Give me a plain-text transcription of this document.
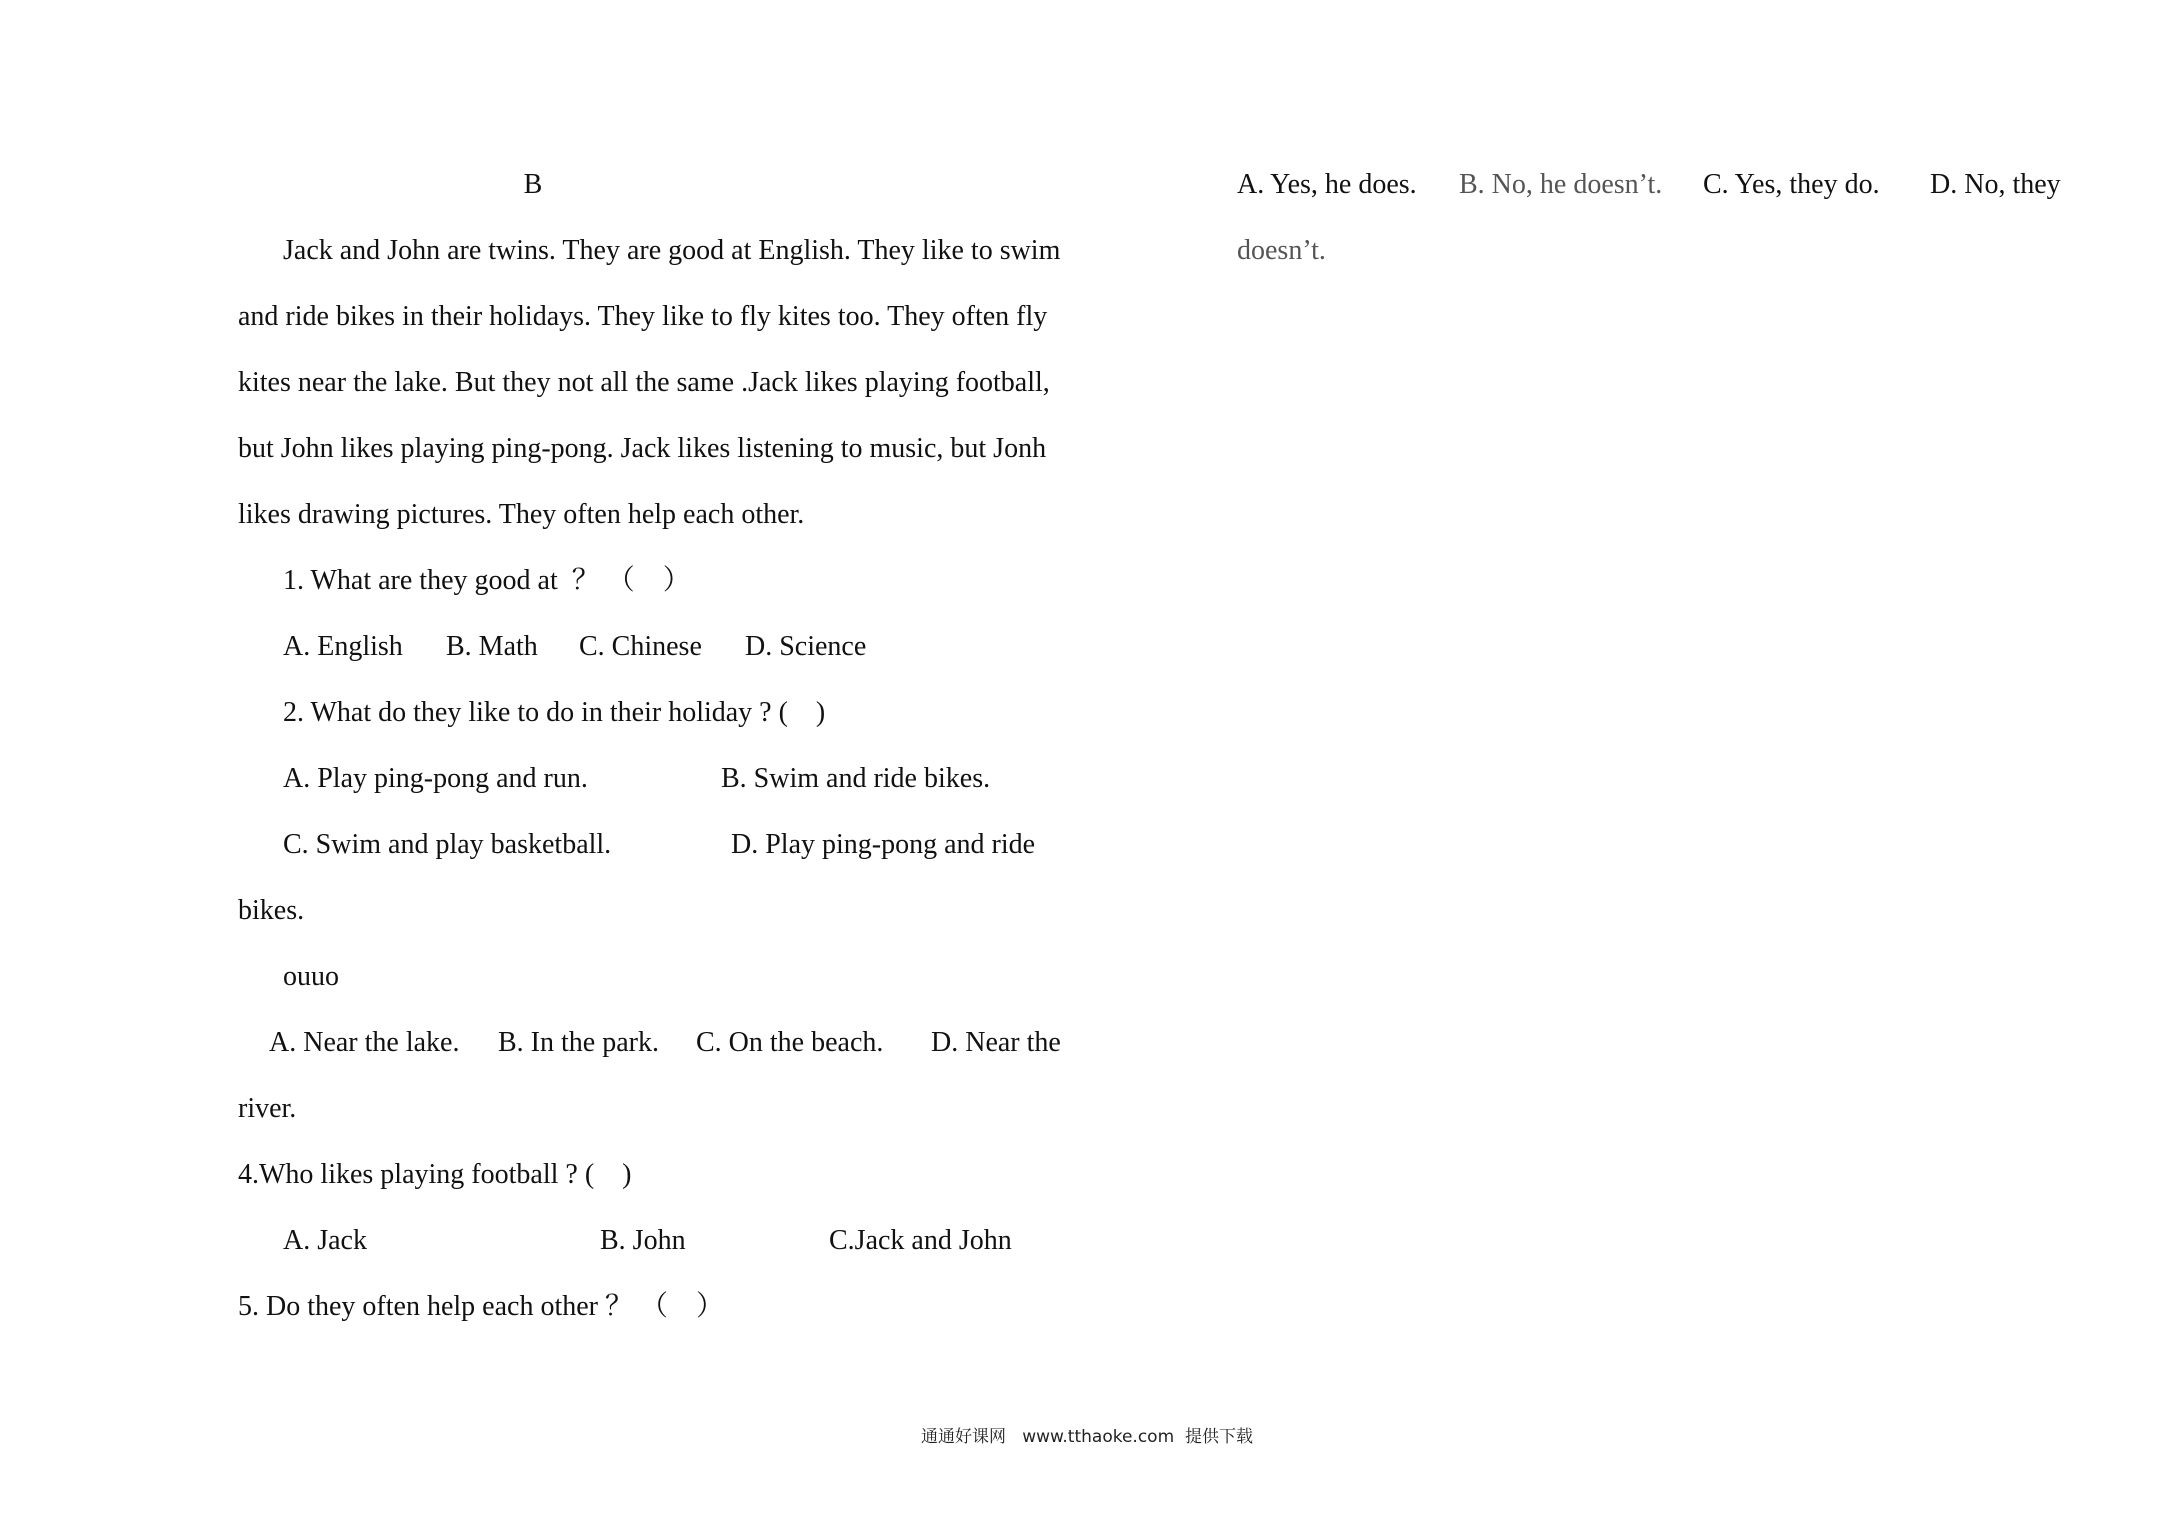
B
Jack and John are twins. They are good at English. They like to swim
and ride bikes in their holidays. They like to fly kites too. They often fly
kites near the lake. But they not all the same .Jack likes playing football,
but John likes playing ping-pong. Jack likes listening to music, but Jonh
likes drawing pictures. They often help each other.
1. What are they good at  ？ （    ）
A. English B. Math C. Chinese D. Science
2. What do they like to do in their holiday ? (    )
A. Play ping-pong and run.	B. Swim and ride bikes.
C. Swim and play basketball.	D. Play ping-pong and ride
bikes.
ouuo
A. Near the lake. B. In the park. C. On the beach. D. Near the
river.
4.Who likes playing football ? (    )
A. Jack	B. John	C.Jack and John
5. Do they often help each other ？ （    ）
A. Yes, he does. B. No, he doesn’t. C. Yes, they do. D. No, they
doesn’t.
通通好课网   www.tthaoke.com  提供下载
